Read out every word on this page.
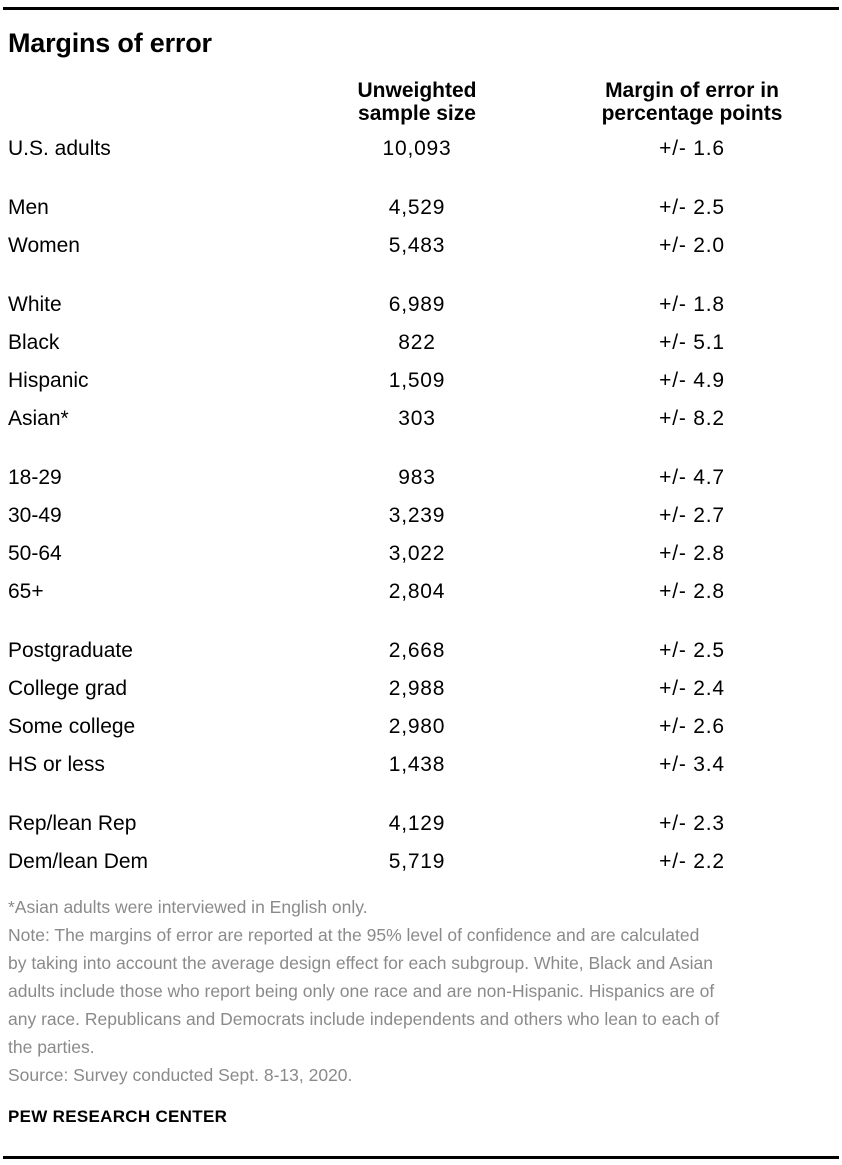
Margins of error
Unweighted
sample size
Margin of error in
percentage points
U.S. adults	10,093	+/- 1.6
Men	4,529	+/- 2.5
Women	5,483	+/- 2.0
White	6,989	+/- 1.8
Black	822	+/- 5.1
Hispanic	1,509	+/- 4.9
Asian*	303	+/- 8.2
18-29	983	+/- 4.7
30-49	3,239	+/- 2.7
50-64	3,022	+/- 2.8
65+	2,804	+/- 2.8
Postgraduate	2,668	+/- 2.5
College grad	2,988	+/- 2.4
Some college	2,980	+/- 2.6
HS or less	1,438	+/- 3.4
Rep/lean Rep	4,129	+/- 2.3
Dem/lean Dem	5,719	+/- 2.2

*Asian adults were interviewed in English only.

Note: The margins of error are reported at the 95% level of confidence and are calculated

by taking into account the average design effect for each subgroup. White, Black and Asian

adults include those who report being only one race and are non-Hispanic. Hispanics are of

any race. Republicans and Democrats include independents and others who lean to each of

the parties.

Source: Survey conducted Sept. 8-13, 2020.

PEW RESEARCH CENTER
